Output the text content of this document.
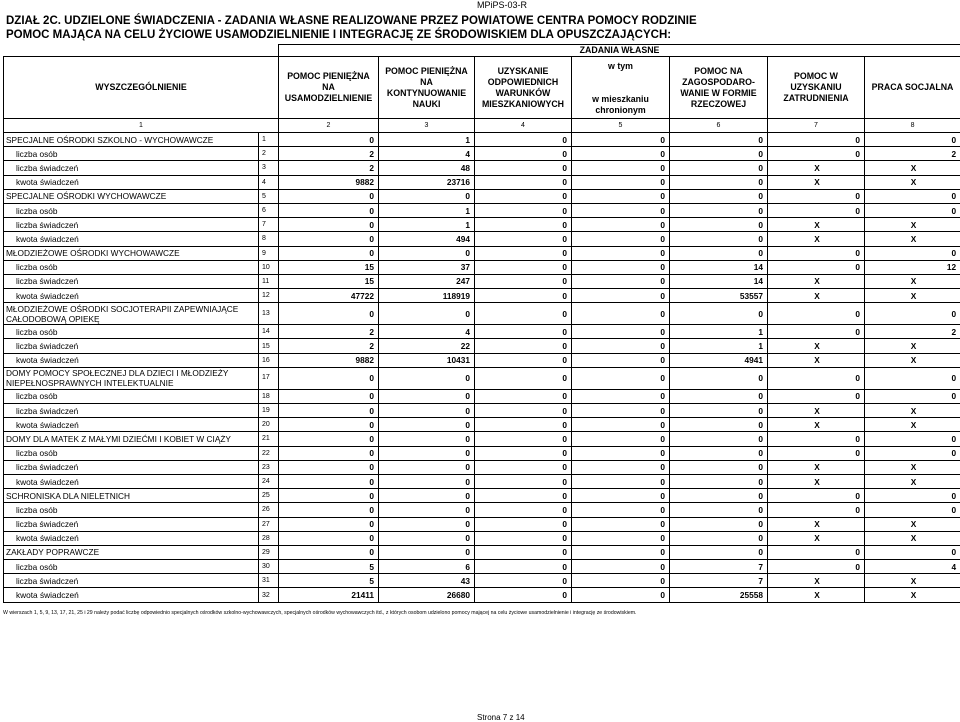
MPiPS-03-R
DZIAŁ 2C. UDZIELONE ŚWIADCZENIA - ZADANIA WŁASNE REALIZOWANE PRZEZ POWIATOWE CENTRA POMOCY RODZINIE
POMOC MAJĄCA NA CELU ŻYCIOWE USAMODZIELNIENIE I INTEGRACJĘ ZE ŚRODOWISKIEM DLA OPUSZCZAJĄCYCH:
		ZADANIA WŁASNE						
WYSZCZEGÓLNIENIE		POMOC PIENIĘŻNA NA USAMODZIELNIENIE	POMOC PIENIĘŻNA NA KONTYNUOWANIE NAUKI	UZYSKANIE ODPOWIEDNICH WARUNKÓW MIESZKANIOWYCH	w tym
w mieszkaniu chronionym	POMOC NA ZAGOSPODARO-WANIE W FORMIE RZECZOWEJ	POMOC W UZYSKANIU ZATRUDNIENIA	PRACA SOCJALNA
1		2	3	4	5	6	7	8
SPECJALNE OŚRODKI SZKOLNO - WYCHOWAWCZE	1	0	1	0	0	0	0	0
liczba osób	2	2	4	0	0	0	0	2
liczba świadczeń	3	2	48	0	0	0	X	X
kwota świadczeń	4	9882	23716	0	0	0	X	X
SPECJALNE OŚRODKI WYCHOWAWCZE	5	0	0	0	0	0	0	0
liczba osób	6	0	1	0	0	0	0	0
liczba świadczeń	7	0	1	0	0	0	X	X
kwota świadczeń	8	0	494	0	0	0	X	X
MŁODZIEŻOWE OŚRODKI WYCHOWAWCZE	9	0	0	0	0	0	0	0
liczba osób	10	15	37	0	0	14	0	12
liczba świadczeń	11	15	247	0	0	14	X	X
kwota świadczeń	12	47722	118919	0	0	53557	X	X
MŁODZIEŻOWE OŚRODKI SOCJOTERAPII ZAPEWNIAJĄCE CAŁODOBOWĄ OPIEKĘ	13	0	0	0	0	0	0	0
liczba osób	14	2	4	0	0	1	0	2
liczba świadczeń	15	2	22	0	0	1	X	X
kwota świadczeń	16	9882	10431	0	0	4941	X	X
DOMY POMOCY SPOŁECZNEJ DLA DZIECI I MŁODZIEŻY NIEPEŁNOSPRAWNYCH INTELEKTUALNIE	17	0	0	0	0	0	0	0
liczba osób	18	0	0	0	0	0	0	0
liczba świadczeń	19	0	0	0	0	0	X	X
kwota świadczeń	20	0	0	0	0	0	X	X
DOMY DLA MATEK Z MAŁYMI DZIEĆMI I KOBIET W CIĄŻY	21	0	0	0	0	0	0	0
liczba osób	22	0	0	0	0	0	0	0
liczba świadczeń	23	0	0	0	0	0	X	X
kwota świadczeń	24	0	0	0	0	0	X	X
SCHRONISKA DLA NIELETNICH	25	0	0	0	0	0	0	0
liczba osób	26	0	0	0	0	0	0	0
liczba świadczeń	27	0	0	0	0	0	X	X
kwota świadczeń	28	0	0	0	0	0	X	X
ZAKŁADY POPRAWCZE	29	0	0	0	0	0	0	0
liczba osób	30	5	6	0	0	7	0	4
liczba świadczeń	31	5	43	0	0	7	X	X
kwota świadczeń	32	21411	26680	0	0	25558	X	X
W wierszach 1, 5, 9, 13, 17, 21, 25 i 29 należy podać liczbę odpowiednio specjalnych ośrodków szkolno-wychowawczych, specjalnych ośrodków wychowawczych itd., z których osobom udzielono pomocy mającej na celu życiowe usamodzielnienie i integrację ze środowiskiem.
Strona 7 z 14
